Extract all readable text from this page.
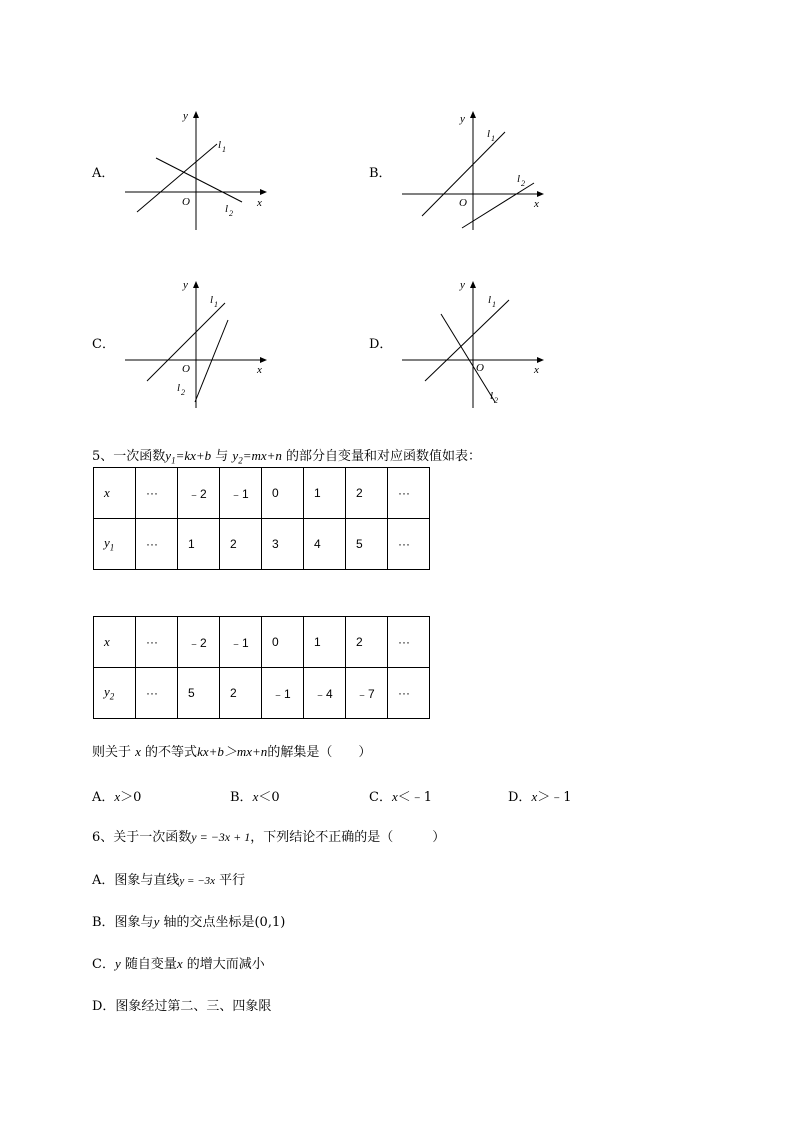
A．
y
x
O
l 1
l 2
B．
y
x
O
l 1
l 2
C．
y
x
O
l 1
l 2
D．
y
x
O
l 1
l 2
5、一次函数$y_1=kx+b$ 与 $y_2=mx+n$ 的部分自变量和对应函数值如表：
x	···	﹣2	﹣1	0	1	2	···
$y_1$	···	1	2	3	4	5	···
x	···	﹣2	﹣1	0	1	2	···
$y_2$	···	5	2	﹣1	﹣4	﹣7	···
则关于 x 的不等式kx+b＞mx+n的解集是（　　）
A．x＞0	B．x＜0	C．x＜﹣1	D．x＞﹣1
6、关于一次函数y = −3x + 1，下列结论不正确的是（　　　）
A．图象与直线y = −3x 平行
B．图象与y 轴的交点坐标是(0,1)
C．y 随自变量x 的增大而减小
D．图象经过第二、三、四象限
